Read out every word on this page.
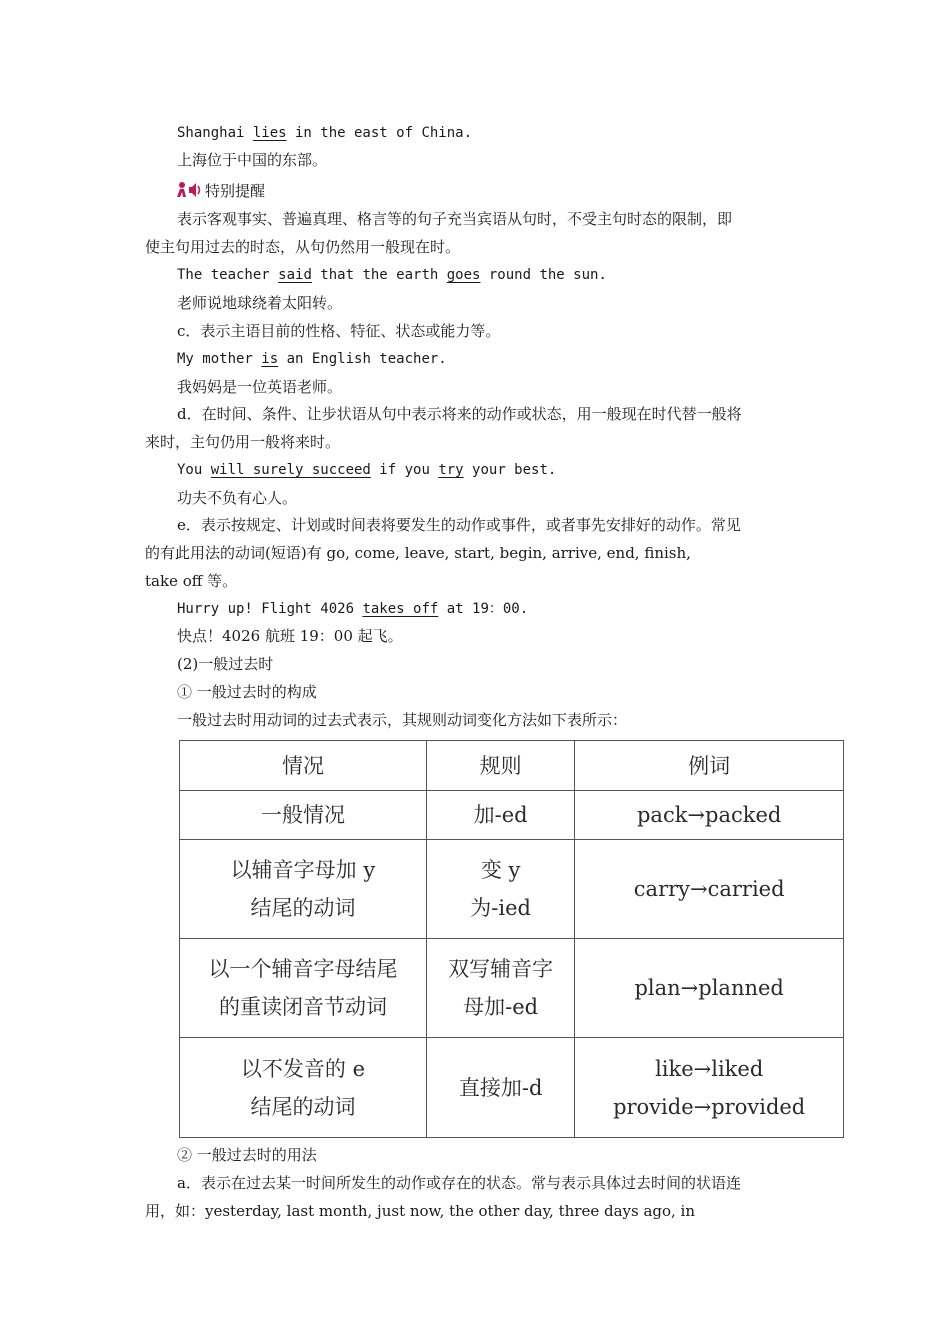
Shanghai lies in the east of China.
上海位于中国的东部。
特别提醒
表示客观事实、普遍真理、格言等的句子充当宾语从句时，不受主句时态的限制，即
使主句用过去的时态，从句仍然用一般现在时。
The teacher said that the earth goes round the sun.
老师说地球绕着太阳转。
c．表示主语目前的性格、特征、状态或能力等。
My mother is an English teacher.
我妈妈是一位英语老师。
d．在时间、条件、让步状语从句中表示将来的动作或状态，用一般现在时代替一般将
来时，主句仍用一般将来时。
You will surely succeed if you try your best.
功夫不负有心人。
e．表示按规定、计划或时间表将要发生的动作或事件，或者事先安排好的动作。常见
的有此用法的动词(短语)有 go, come, leave, start, begin, arrive, end, finish,
take off 等。
Hurry up! Flight 4026 takes off at 19：00.
快点！4026 航班 19：00 起飞。
(2)一般过去时
① 一般过去时的构成
一般过去时用动词的过去式表示，其规则动词变化方法如下表所示：
情况	规则	例词
一般情况	加-ed	pack→packed
以辅音字母加 y
结尾的动词	变 y
为-ied	carry→carried
以一个辅音字母结尾
的重读闭音节动词	双写辅音字
母加-ed	plan→planned
以不发音的 e
结尾的动词	直接加-d	like→liked
provide→provided
② 一般过去时的用法
a．表示在过去某一时间所发生的动作或存在的状态。常与表示具体过去时间的状语连
用，如：yesterday, last month, just now, the other day, three days ago, in
